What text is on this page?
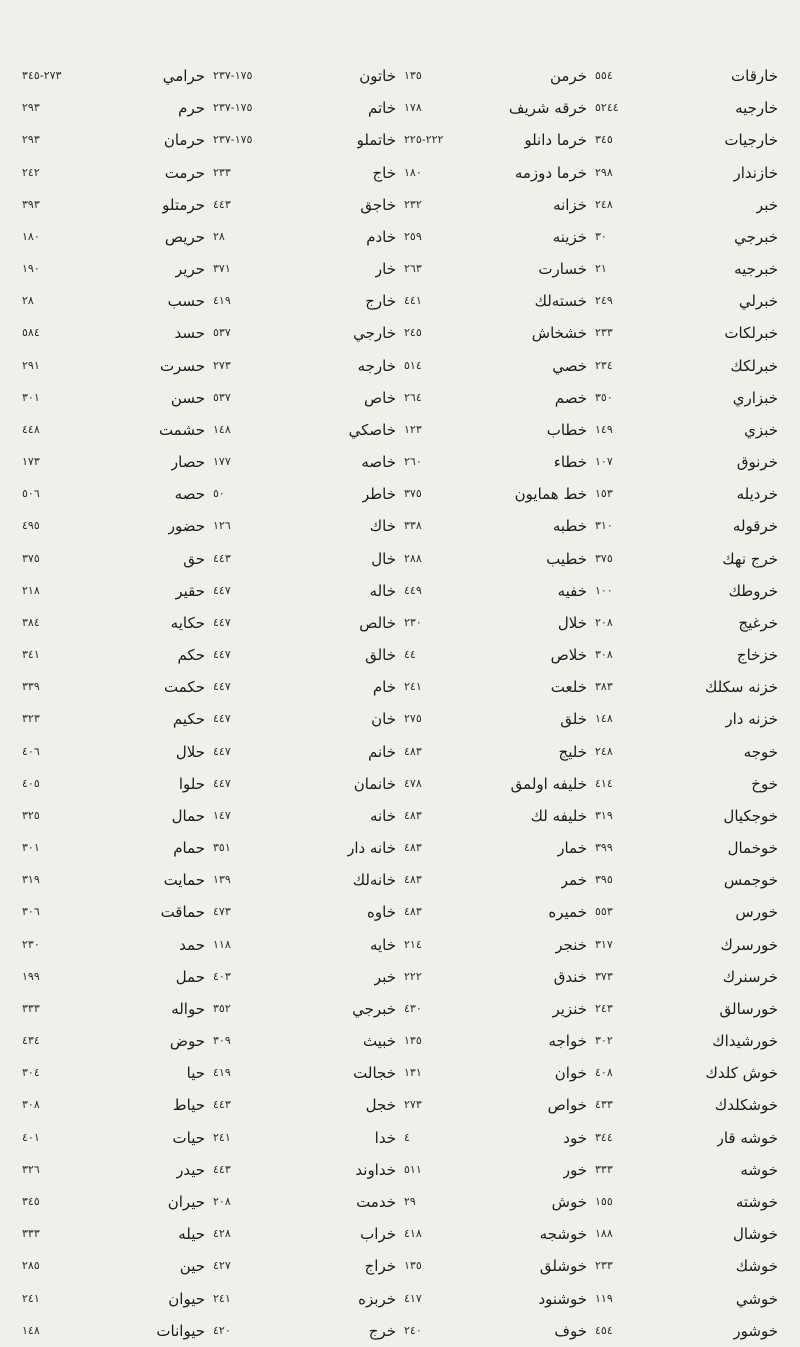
خارقات
٥٥٤
خارجيه
٥٢٤٤
خارجيات
٣٤٥
خازندار
٢٩٨
خبر
٢٤٨
خبرجي
٣٠
خبرجيه
٢١
خبرلي
٢٤٩
خبرلكات
٢٣٣
خبرلكك
٢٣٤
خبزاري
٣٥٠
خبزي
١٤٩
خرنوق
١٠٧
خرديله
١٥٣
خرقوله
٣١٠
خرج نهك
٣٧٥
خروطك
١٠٠
خرغيج
٢٠٨
خزخاج
٣٠٨
خزنه سكلك
٣٨٣
خزنه دار
١٤٨
خوجه
٢٤٨
خوخ
٤١٤
خوجكيال
٣١٩
خوخمال
٣٩٩
خوجمس
٣٩٥
خورس
٥٥٣
خورسرك
٣١٧
خرسنرك
٣٧٣
خورسالق
٢٤٣
خورشيداك
٣٠٢
خوش كلدك
٤٠٨
خوشكلدك
٤٣٣
خوشه قار
٣٤٤
خوشه
٣٣٣
خوشته
١٥٥
خوشال
١٨٨
خوشك
٢٣٣
خوشي
١١٩
خوشور
٤٥٤
خرمن
١٣٥
خرقه شريف
١٧٨
خرما دانلو
٢٢٢-٢٢٥
خرما دوزمه
١٨٠
خزانه
٢٣٢
خزينه
٢٥٩
خسارت
٢٦٣
خسته‌لك
٤٤١
خشخاش
٢٤٥
خصي
٥١٤
خصم
٢٦٤
خطاب
١٢٣
خطاء
٢٦٠
خط همايون
٣٧٥
خطبه
٣٣٨
خطيب
٢٨٨
خفيه
٤٤٩
خلال
٢٣٠
خلاص
٤٤
خلعت
٢٤١
خلق
٢٧٥
خليج
٤٨٣
خليفه اولمق
٤٧٨
خليفه لك
٤٨٣
خمار
٤٨٣
خمر
٤٨٣
خميره
٤٨٣
خنجر
٢١٤
خندق
٢٢٢
خنزير
٤٣٠
خواجه
١٣٥
خوان
١٣١
خواص
٢٧٣
خود
٤
خور
٥١١
خوش
٢٩
خوشجه
٤١٨
خوشلق
١٣٥
خوشنود
٤١٧
خوف
٢٤٠
خاتون
١٧٥-٢٣٧
خاتم
١٧٥-٢٣٧
خاتملو
١٧٥-٢٣٧
خاج
٢٣٣
خاجق
٤٤٣
خادم
٢٨
خار
٣٧١
خارج
٤١٩
خارجي
٥٣٧
خارجه
٢٧٣
خاص
٥٣٧
خاصكي
١٤٨
خاصه
١٧٧
خاطر
٥٠
خاك
١٢٦
خال
٤٤٣
خاله
٤٤٧
خالص
٤٤٧
خالق
٤٤٧
خام
٤٤٧
خان
٤٤٧
خانم
٤٤٧
خانمان
٤٤٧
خانه
١٤٧
خانه دار
٣٥١
خانه‌لك
١٣٩
خاوه
٤٧٣
خايه
١١٨
خبر
٤٠٣
خبرجي
٣٥٢
خبيث
٣٠٩
خجالت
٤١٩
خجل
٤٤٣
خدا
٢٤١
خداوند
٤٤٣
خدمت
٢٠٨
خراب
٤٢٨
خراج
٤٢٧
خربزه
٢٤١
خرج
٤٢٠
حرامي
٢٧٣-٣٤٥
حرم
٢٩٣
حرمان
٢٩٣
حرمت
٢٤٢
حرمتلو
٣٩٣
حريص
١٨٠
حرير
١٩٠
حسب
٢٨
حسد
٥٨٤
حسرت
٢٩١
حسن
٣٠١
حشمت
٤٤٨
حصار
١٧٣
حصه
٥٠٦
حضور
٤٩٥
حق
٣٧٥
حقير
٢١٨
حكايه
٣٨٤
حكم
٣٤١
حكمت
٣٣٩
حكيم
٣٢٣
حلال
٤٠٦
حلوا
٤٠٥
حمال
٣٢٥
حمام
٣٠١
حمايت
٣١٩
حماقت
٣٠٦
حمد
٢٣٠
حمل
١٩٩
حواله
٣٣٣
حوض
٤٣٤
حيا
٣٠٤
حياط
٣٠٨
حيات
٤٠١
حيدر
٣٢٦
حيران
٣٤٥
حيله
٣٣٣
حين
٢٨٥
حيوان
٢٤١
حيوانات
١٤٨
